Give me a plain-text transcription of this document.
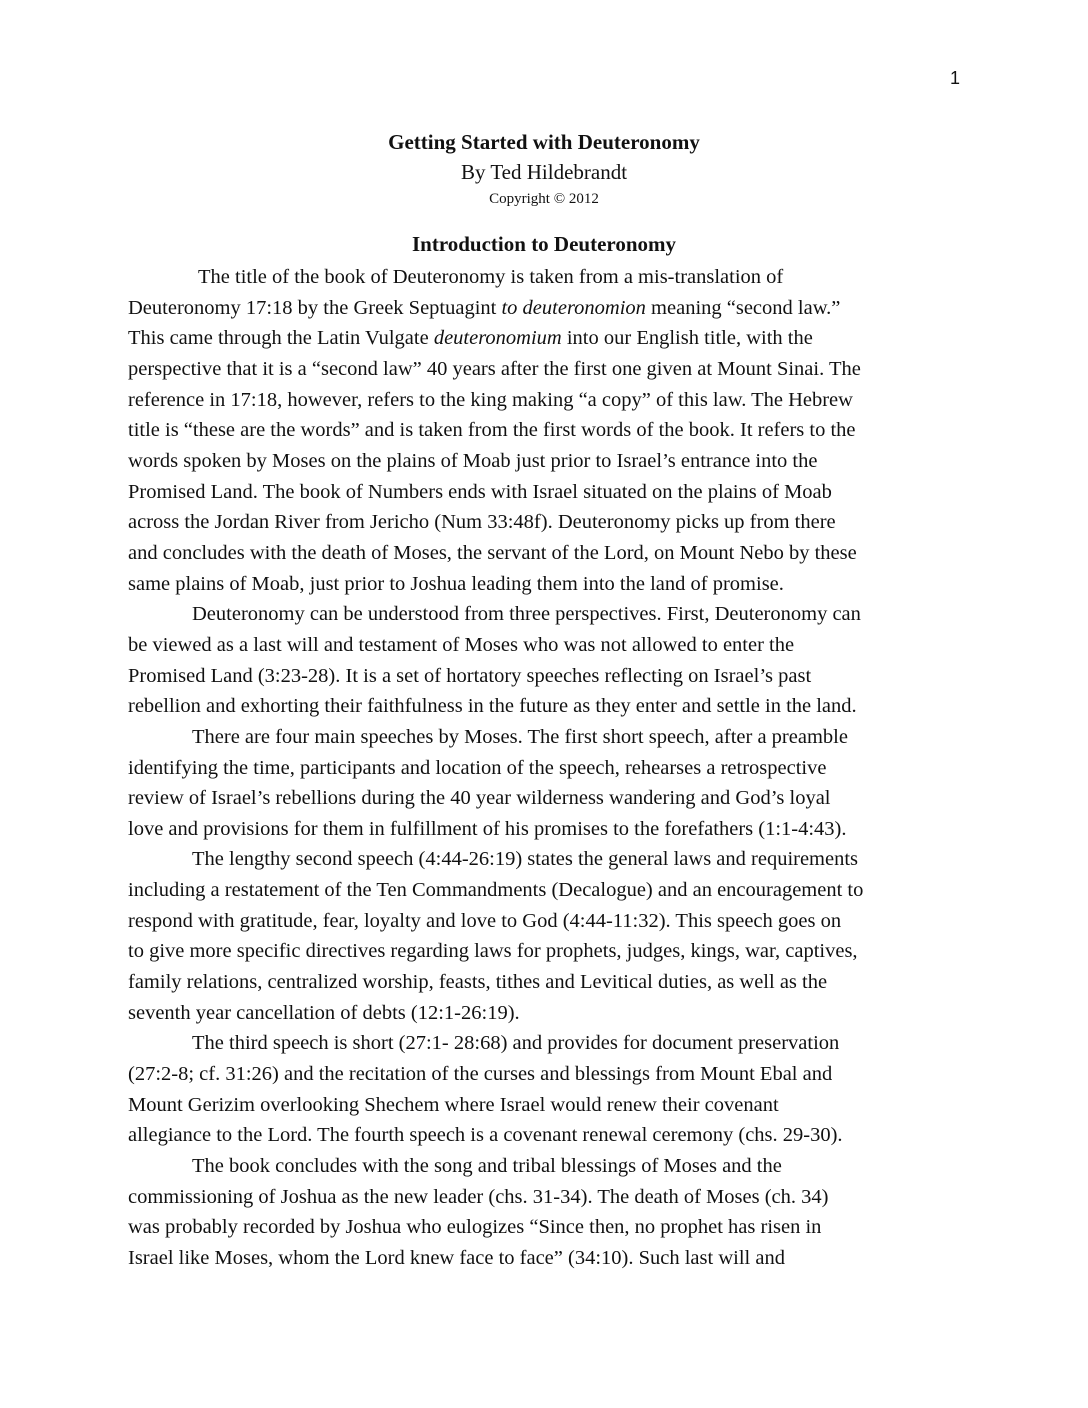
1
Getting Started with Deuteronomy
By Ted Hildebrandt
Copyright © 2012
Introduction to Deuteronomy
The title of the book of Deuteronomy is taken from a mis-translation of
Deuteronomy 17:18 by the Greek Septuagint to deuteronomion meaning “second law.”
This came through the Latin Vulgate deuteronomium into our English title, with the
perspective that it is a “second law” 40 years after the first one given at Mount Sinai. The
reference in 17:18, however, refers to the king making “a copy” of this law. The Hebrew
title is “these are the words” and is taken from the first words of the book. It refers to the
words spoken by Moses on the plains of Moab just prior to Israel’s entrance into the
Promised Land. The book of Numbers ends with Israel situated on the plains of Moab
across the Jordan River from Jericho (Num 33:48f). Deuteronomy picks up from there
and concludes with the death of Moses, the servant of the Lord, on Mount Nebo by these
same plains of Moab, just prior to Joshua leading them into the land of promise.
Deuteronomy can be understood from three perspectives. First, Deuteronomy can
be viewed as a last will and testament of Moses who was not allowed to enter the
Promised Land (3:23-28). It is a set of hortatory speeches reflecting on Israel’s past
rebellion and exhorting their faithfulness in the future as they enter and settle in the land.
There are four main speeches by Moses. The first short speech, after a preamble
identifying the time, participants and location of the speech, rehearses a retrospective
review of Israel’s rebellions during the 40 year wilderness wandering and God’s loyal
love and provisions for them in fulfillment of his promises to the forefathers (1:1-4:43).
The lengthy second speech (4:44-26:19) states the general laws and requirements
including a restatement of the Ten Commandments (Decalogue) and an encouragement to
respond with gratitude, fear, loyalty and love to God (4:44-11:32). This speech goes on
to give more specific directives regarding laws for prophets, judges, kings, war, captives,
family relations, centralized worship, feasts, tithes and Levitical duties, as well as the
seventh year cancellation of debts (12:1-26:19).
The third speech is short (27:1- 28:68) and provides for document preservation
(27:2-8; cf. 31:26) and the recitation of the curses and blessings from Mount Ebal and
Mount Gerizim overlooking Shechem where Israel would renew their covenant
allegiance to the Lord. The fourth speech is a covenant renewal ceremony (chs. 29-30).
The book concludes with the song and tribal blessings of Moses and the
commissioning of Joshua as the new leader (chs. 31-34). The death of Moses (ch. 34)
was probably recorded by Joshua who eulogizes “Since then, no prophet has risen in
Israel like Moses, whom the Lord knew face to face” (34:10). Such last will and
